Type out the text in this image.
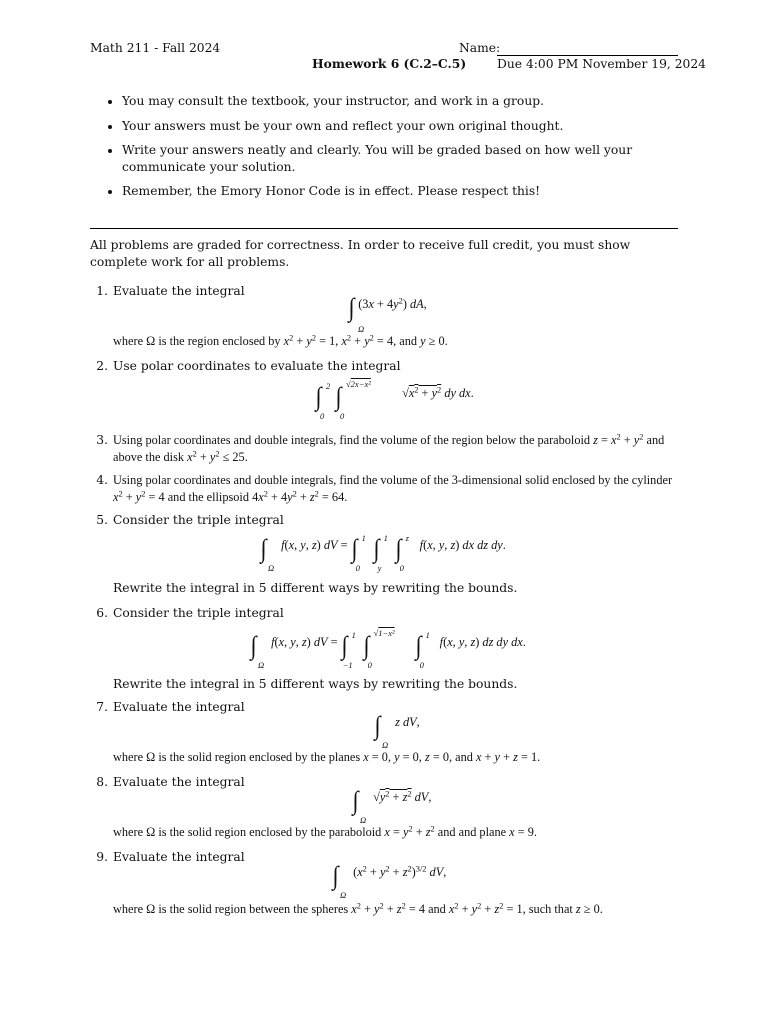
Math 211 - Fall 2024	Name:
Homework 6 (C.2–C.5)	Due 4:00 PM November 19, 2024
• You may consult the textbook, your instructor, and work in a group.
• Your answers must be your own and reflect your own original thought.
• Write your answers neatly and clearly. You will be graded based on how well your communicate your solution.
• Remember, the Emory Honor Code is in effect. Please respect this!
All problems are graded for correctness. In order to receive full credit, you must show complete work for all problems.
1. Evaluate the integral
∫
Ω
$(3x + 4y^2)$ dA,
where Ω is the region enclosed by $x^2 + y^2 = 1$, $x^2 + y^2 = 4$, and y ≥ 0.
2. Use polar coordinates to evaluate the integral
∫ 2
0
∫ √2x−x²
0
$√x^2 + y^2$ dy dx.
3. Using polar coordinates and double integrals, find the volume of the region below the paraboloid $z = x^2 + y^2$ and above the disk $x^2 + y^2 \le 25$.
4. Using polar coordinates and double integrals, find the volume of the 3-dimensional solid enclosed by the cylinder $x^2 + y^2 = 4$ and the ellipsoid $4x^2 + 4y^2 + z^2 = 64$.
5. Consider the triple integral
∫
Ω
f(x, y, z) dV = ∫ 1
0
∫ 1
y
∫ z
0
f(x, y, z) dx dz dy.
Rewrite the integral in 5 different ways by rewriting the bounds.
6. Consider the triple integral
∫
Ω
f(x, y, z) dV = ∫ 1
−1
∫ √1−x²
0
∫ 1
0
f(x, y, z) dz dy dx.
Rewrite the integral in 5 different ways by rewriting the bounds.
7. Evaluate the integral
∫
Ω
z dV,
where Ω is the solid region enclosed by the planes x = 0, y = 0, z = 0, and x + y + z = 1.
8. Evaluate the integral
∫
Ω
$√y^2 + z^2$ dV,
where Ω is the solid region enclosed by the paraboloid $x = y^2 + z^2$ and and plane x = 9.
9. Evaluate the integral
∫
Ω
$(x^2 + y^2 + z^2)^{3/2}$ dV,
where Ω is the solid region between the spheres $x^2 + y^2 + z^2 = 4$ and $x^2 + y^2 + z^2 = 1$, such that z ≥ 0.
